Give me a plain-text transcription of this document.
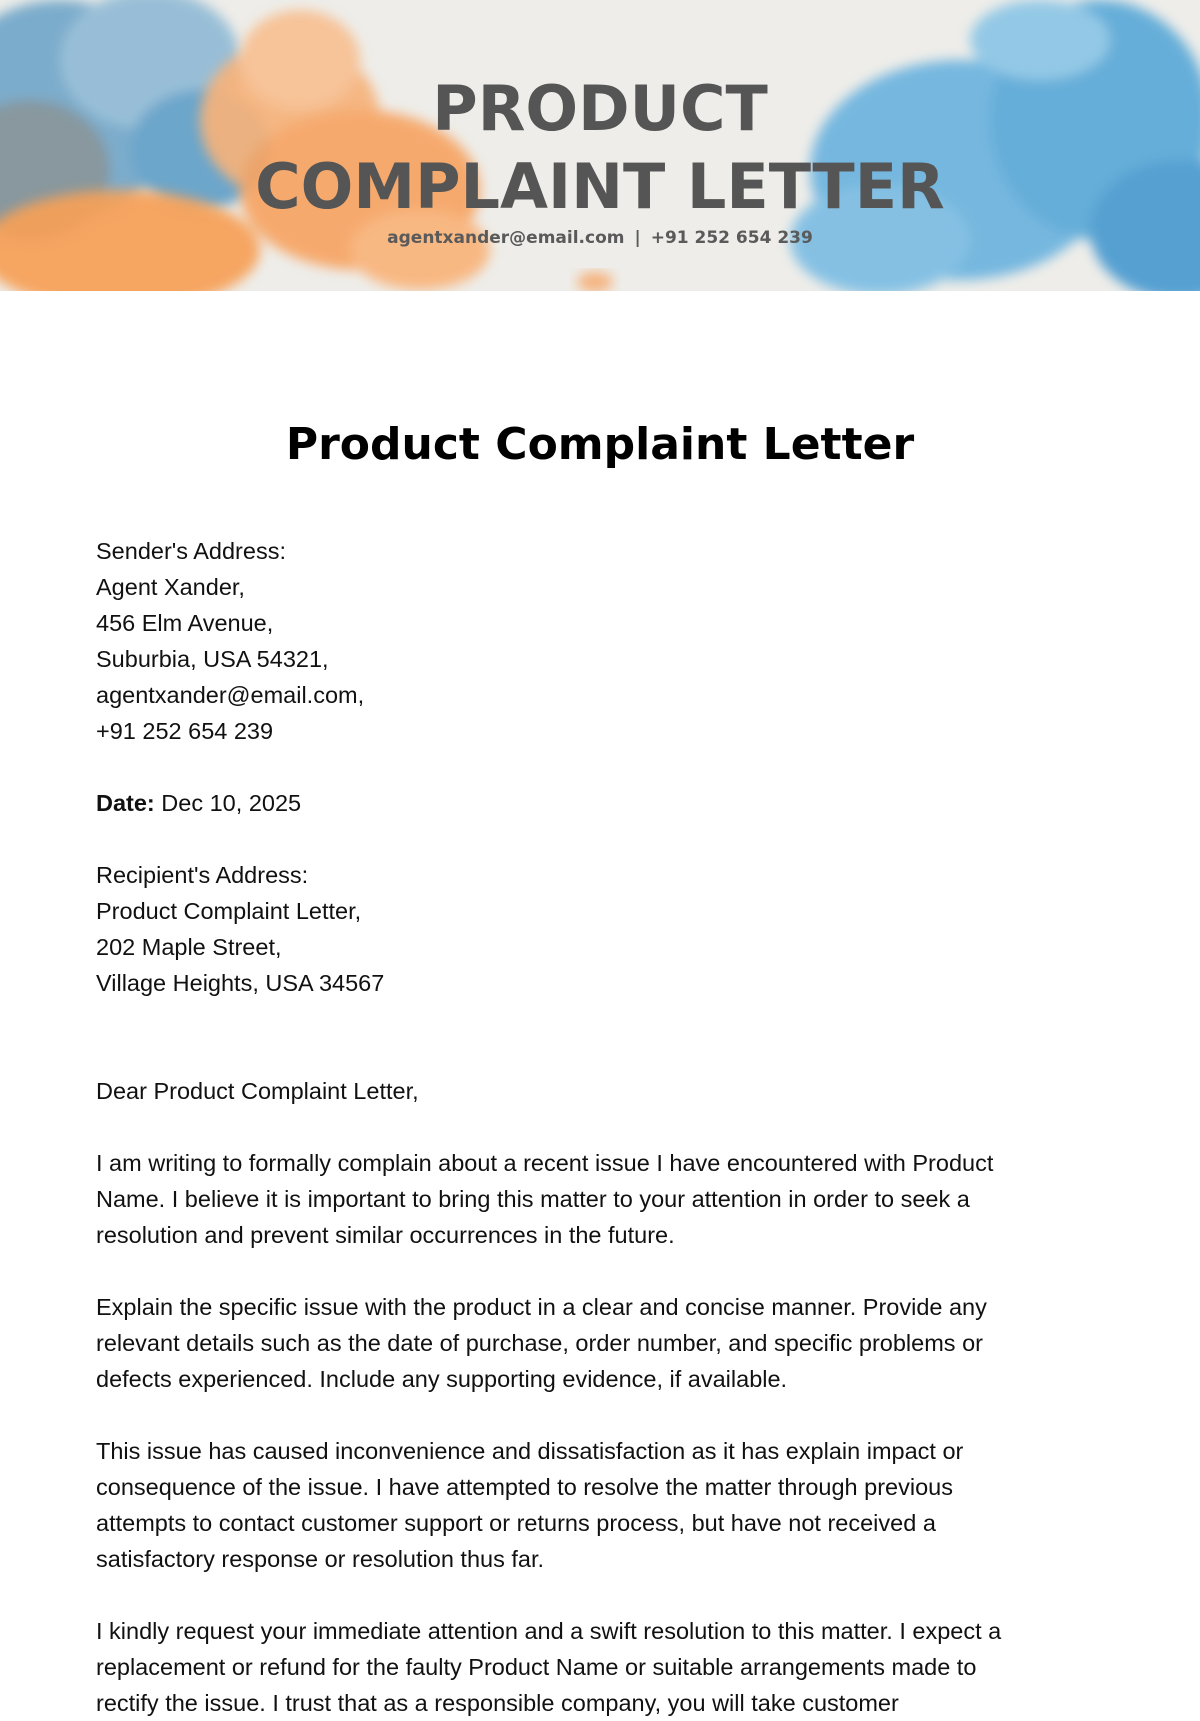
PRODUCT
COMPLAINT LETTER
agentxander@email.com | +91 252 654 239
Product Complaint Letter
Sender's Address:
Agent Xander,
456 Elm Avenue,
Suburbia, USA 54321,
agentxander@email.com,
+91 252 654 239
Date: Dec 10, 2025
Recipient's Address:
Product Complaint Letter,
202 Maple Street,
Village Heights, USA 34567
Dear Product Complaint Letter,
I am writing to formally complain about a recent issue I have encountered with Product
Name. I believe it is important to bring this matter to your attention in order to seek a
resolution and prevent similar occurrences in the future.
Explain the specific issue with the product in a clear and concise manner. Provide any
relevant details such as the date of purchase, order number, and specific problems or
defects experienced. Include any supporting evidence, if available.
This issue has caused inconvenience and dissatisfaction as it has explain impact or
consequence of the issue. I have attempted to resolve the matter through previous
attempts to contact customer support or returns process, but have not received a
satisfactory response or resolution thus far.
I kindly request your immediate attention and a swift resolution to this matter. I expect a
replacement or refund for the faulty Product Name or suitable arrangements made to
rectify the issue. I trust that as a responsible company, you will take customer
